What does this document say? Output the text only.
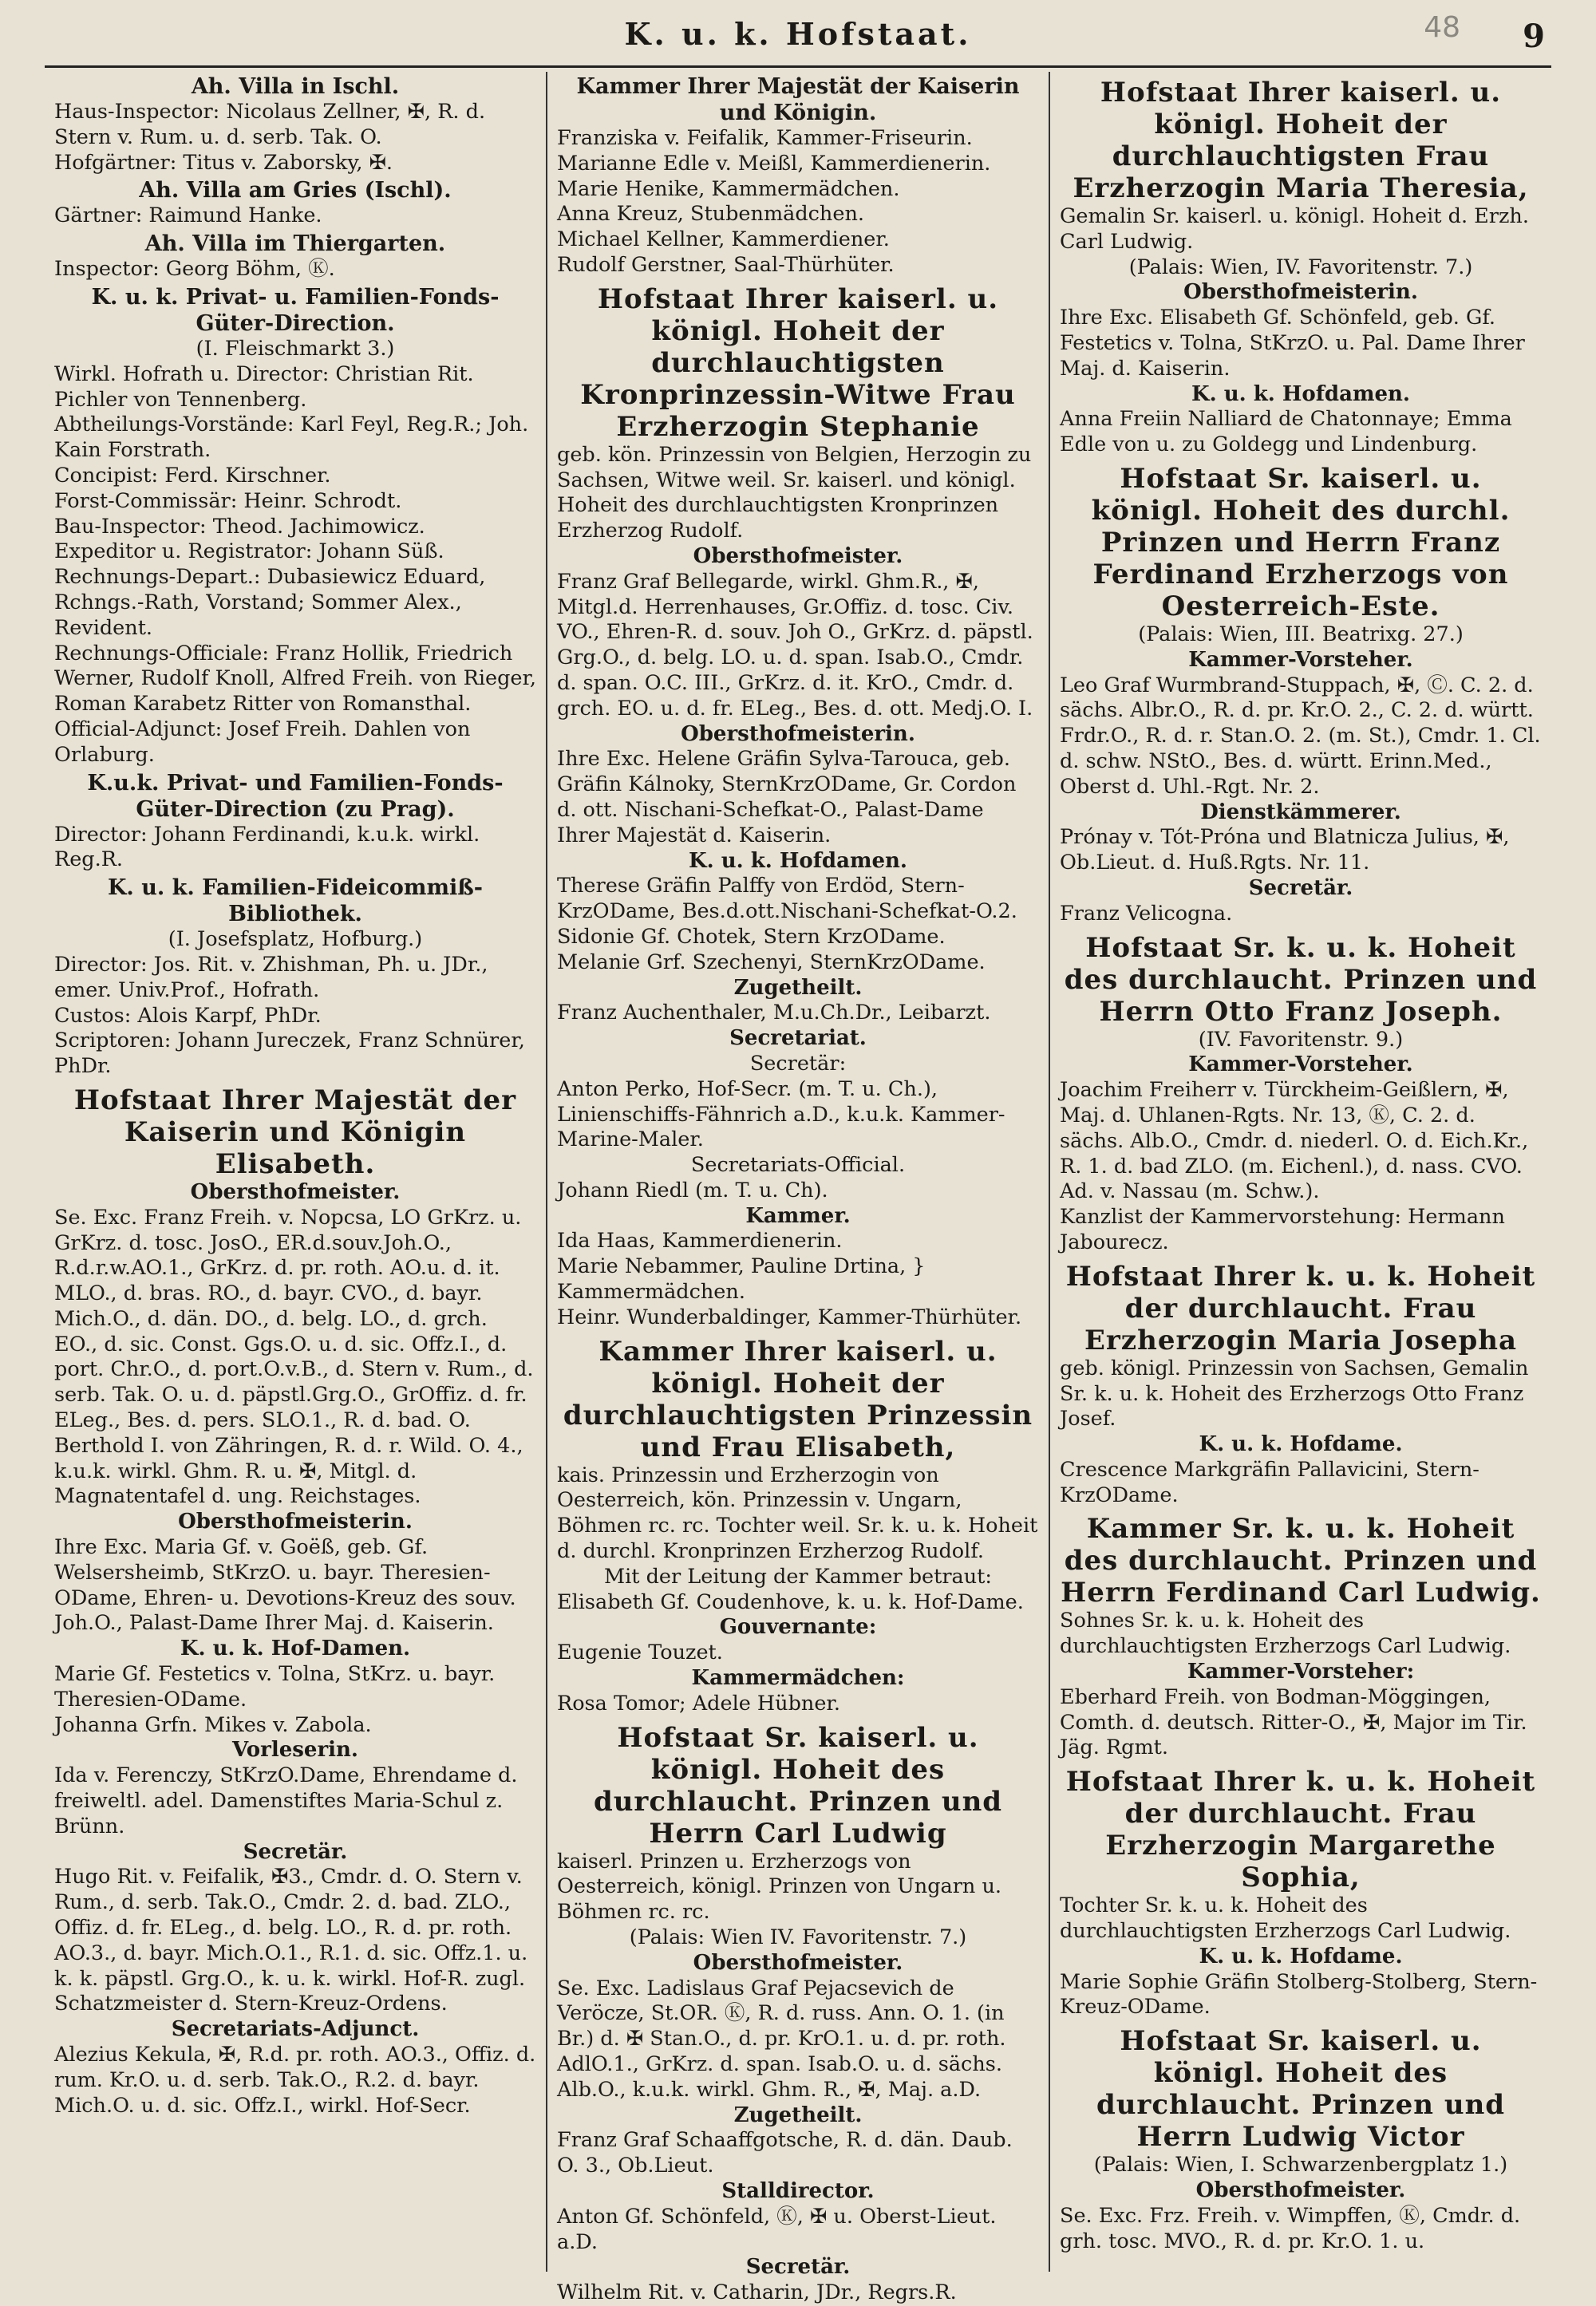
48
K. u. k. Hofstaat.	9
Ah. Villa in Ischl.
Haus-Inspector: Nicolaus Zellner, ✠, R. d. Stern v. Rum. u. d. serb. Tak. O.
Hofgärtner: Titus v. Zaborsky, ✠.
Ah. Villa am Gries (Ischl).
Gärtner: Raimund Hanke.
Ah. Villa im Thiergarten.
Inspector: Georg Böhm, Ⓚ.
K. u. k. Privat- u. Familien-Fonds-Güter-Direction.
(I. Fleischmarkt 3.)
Wirkl. Hofrath u. Director: Christian Rit. Pichler von Tennenberg.
Abtheilungs-Vorstände: Karl Feyl, Reg.R.; Joh. Kain Forstrath.
Concipist: Ferd. Kirschner.
Forst-Commissär: Heinr. Schrodt.
Bau-Inspector: Theod. Jachimowicz.
Expeditor u. Registrator: Johann Süß.
Rechnungs-Depart.: Dubasiewicz Eduard, Rchngs.-Rath, Vorstand; Sommer Alex., Revident.
Rechnungs-Officiale: Franz Hollik, Friedrich Werner, Rudolf Knoll, Alfred Freih. von Rieger, Roman Karabetz Ritter von Romansthal.
Official-Adjunct: Josef Freih. Dahlen von Orlaburg.
K.u.k. Privat- und Familien-Fonds-Güter-Direction (zu Prag).
Director: Johann Ferdinandi, k.u.k. wirkl. Reg.R.
K. u. k. Familien-Fideicommiß-Bibliothek.
(I. Josefsplatz, Hofburg.)
Director: Jos. Rit. v. Zhishman, Ph. u. JDr., emer. Univ.Prof., Hofrath.
Custos: Alois Karpf, PhDr.
Scriptoren: Johann Jureczek, Franz Schnürer, PhDr.
Hofstaat Ihrer Majestät der Kaiserin und Königin Elisabeth.
Obersthofmeister.
Se. Exc. Franz Freih. v. Nopcsa, LO GrKrz. u. GrKrz. d. tosc. JosO., ER.d.souv.Joh.O., R.d.r.w.AO.1., GrKrz. d. pr. roth. AO.u. d. it. MLO., d. bras. RO., d. bayr. CVO., d. bayr. Mich.O., d. dän. DO., d. belg. LO., d. grch. EO., d. sic. Const. Ggs.O. u. d. sic. Offz.I., d. port. Chr.O., d. port.O.v.B., d. Stern v. Rum., d. serb. Tak. O. u. d. päpstl.Grg.O., GrOffiz. d. fr. ELeg., Bes. d. pers. SLO.1., R. d. bad. O. Berthold I. von Zähringen, R. d. r. Wild. O. 4., k.u.k. wirkl. Ghm. R. u. ✠, Mitgl. d. Magnatentafel d. ung. Reichstages.
Obersthofmeisterin.
Ihre Exc. Maria Gf. v. Goëß, geb. Gf. Welsersheimb, StKrzO. u. bayr. Theresien-ODame, Ehren- u. Devotions-Kreuz des souv. Joh.O., Palast-Dame Ihrer Maj. d. Kaiserin.
K. u. k. Hof-Damen.
Marie Gf. Festetics v. Tolna, StKrz. u. bayr. Theresien-ODame.
Johanna Grfn. Mikes v. Zabola.
Vorleserin.
Ida v. Ferenczy, StKrzO.Dame, Ehrendame d. freiweltl. adel. Damenstiftes Maria-Schul z. Brünn.
Secretär.
Hugo Rit. v. Feifalik, ✠3., Cmdr. d. O. Stern v. Rum., d. serb. Tak.O., Cmdr. 2. d. bad. ZLO., Offiz. d. fr. ELeg., d. belg. LO., R. d. pr. roth. AO.3., d. bayr. Mich.O.1., R.1. d. sic. Offz.1. u. k. k. päpstl. Grg.O., k. u. k. wirkl. Hof-R. zugl. Schatzmeister d. Stern-Kreuz-Ordens.
Secretariats-Adjunct.
Alezius Kekula, ✠, R.d. pr. roth. AO.3., Offiz. d. rum. Kr.O. u. d. serb. Tak.O., R.2. d. bayr. Mich.O. u. d. sic. Offz.I., wirkl. Hof-Secr.
Kammer Ihrer Majestät der Kaiserin und Königin.
Franziska v. Feifalik, Kammer-Friseurin.
Marianne Edle v. Meißl, Kammerdienerin.
Marie Henike, Kammermädchen.
Anna Kreuz, Stubenmädchen.
Michael Kellner, Kammerdiener.
Rudolf Gerstner, Saal-Thürhüter.
Hofstaat Ihrer kaiserl. u. königl. Hoheit der durchlauchtigsten Kronprinzessin-Witwe Frau Erzherzogin Stephanie
geb. kön. Prinzessin von Belgien, Herzogin zu Sachsen, Witwe weil. Sr. kaiserl. und königl. Hoheit des durchlauchtigsten Kronprinzen Erzherzog Rudolf.
Obersthofmeister.
Franz Graf Bellegarde, wirkl. Ghm.R., ✠, Mitgl.d. Herrenhauses, Gr.Offiz. d. tosc. Civ. VO., Ehren-R. d. souv. Joh O., GrKrz. d. päpstl. Grg.O., d. belg. LO. u. d. span. Isab.O., Cmdr. d. span. O.C. III., GrKrz. d. it. KrO., Cmdr. d. grch. EO. u. d. fr. ELeg., Bes. d. ott. Medj.O. I.
Obersthofmeisterin.
Ihre Exc. Helene Gräfin Sylva-Tarouca, geb. Gräfin Kálnoky, SternKrzODame, Gr. Cordon d. ott. Nischani-Schefkat-O., Palast-Dame Ihrer Majestät d. Kaiserin.
K. u. k. Hofdamen.
Therese Gräfin Palffy von Erdöd, Stern-KrzODame, Bes.d.ott.Nischani-Schefkat-O.2.
Sidonie Gf. Chotek, Stern KrzODame.
Melanie Grf. Szechenyi, SternKrzODame.
Zugetheilt.
Franz Auchenthaler, M.u.Ch.Dr., Leibarzt.
Secretariat.
Secretär:
Anton Perko, Hof-Secr. (m. T. u. Ch.), Linienschiffs-Fähnrich a.D., k.u.k. Kammer-Marine-Maler.
Secretariats-Official.
Johann Riedl (m. T. u. Ch).
Kammer.
Ida Haas, Kammerdienerin.
Marie Nebammer, Pauline Drtina, } Kammermädchen.
Heinr. Wunderbaldinger, Kammer-Thürhüter.
Kammer Ihrer kaiserl. u. königl. Hoheit der durchlauchtigsten Prinzessin und Frau Elisabeth,
kais. Prinzessin und Erzherzogin von Oesterreich, kön. Prinzessin v. Ungarn, Böhmen rc. rc. Tochter weil. Sr. k. u. k. Hoheit d. durchl. Kronprinzen Erzherzog Rudolf.
Mit der Leitung der Kammer betraut:
Elisabeth Gf. Coudenhove, k. u. k. Hof-Dame.
Gouvernante:
Eugenie Touzet.
Kammermädchen:
Rosa Tomor; Adele Hübner.
Hofstaat Sr. kaiserl. u. königl. Hoheit des durchlaucht. Prinzen und Herrn Carl Ludwig
kaiserl. Prinzen u. Erzherzogs von Oesterreich, königl. Prinzen von Ungarn u. Böhmen rc. rc.
(Palais: Wien IV. Favoritenstr. 7.)
Obersthofmeister.
Se. Exc. Ladislaus Graf Pejacsevich de Veröcze, St.OR. Ⓚ, R. d. russ. Ann. O. 1. (in Br.) d. ✠ Stan.O., d. pr. KrO.1. u. d. pr. roth. AdlO.1., GrKrz. d. span. Isab.O. u. d. sächs. Alb.O., k.u.k. wirkl. Ghm. R., ✠, Maj. a.D.
Zugetheilt.
Franz Graf Schaaffgotsche, R. d. dän. Daub. O. 3., Ob.Lieut.
Stalldirector.
Anton Gf. Schönfeld, Ⓚ, ✠ u. Oberst-Lieut. a.D.
Secretär.
Wilhelm Rit. v. Catharin, JDr., Regrs.R.
Hofstaat Ihrer kaiserl. u. königl. Hoheit der durchlauchtigsten Frau Erzherzogin Maria Theresia,
Gemalin Sr. kaiserl. u. königl. Hoheit d. Erzh. Carl Ludwig.
(Palais: Wien, IV. Favoritenstr. 7.)
Obersthofmeisterin.
Ihre Exc. Elisabeth Gf. Schönfeld, geb. Gf. Festetics v. Tolna, StKrzO. u. Pal. Dame Ihrer Maj. d. Kaiserin.
K. u. k. Hofdamen.
Anna Freiin Nalliard de Chatonnaye; Emma Edle von u. zu Goldegg und Lindenburg.
Hofstaat Sr. kaiserl. u. königl. Hoheit des durchl. Prinzen und Herrn Franz Ferdinand Erzherzogs von Oesterreich-Este.
(Palais: Wien, III. Beatrixg. 27.)
Kammer-Vorsteher.
Leo Graf Wurmbrand-Stuppach, ✠, Ⓒ. C. 2. d. sächs. Albr.O., R. d. pr. Kr.O. 2., C. 2. d. württ. Frdr.O., R. d. r. Stan.O. 2. (m. St.), Cmdr. 1. Cl. d. schw. NStO., Bes. d. württ. Erinn.Med., Oberst d. Uhl.-Rgt. Nr. 2.
Dienstkämmerer.
Prónay v. Tót-Próna und Blatnicza Julius, ✠, Ob.Lieut. d. Huß.Rgts. Nr. 11.
Secretär.
Franz Velicogna.
Hofstaat Sr. k. u. k. Hoheit des durchlaucht. Prinzen und Herrn Otto Franz Joseph.
(IV. Favoritenstr. 9.)
Kammer-Vorsteher.
Joachim Freiherr v. Türckheim-Geißlern, ✠, Maj. d. Uhlanen-Rgts. Nr. 13, Ⓚ, C. 2. d. sächs. Alb.O., Cmdr. d. niederl. O. d. Eich.Kr., R. 1. d. bad ZLO. (m. Eichenl.), d. nass. CVO. Ad. v. Nassau (m. Schw.).
Kanzlist der Kammervorstehung: Hermann Jabourecz.
Hofstaat Ihrer k. u. k. Hoheit der durchlaucht. Frau Erzherzogin Maria Josepha
geb. königl. Prinzessin von Sachsen, Gemalin Sr. k. u. k. Hoheit des Erzherzogs Otto Franz Josef.
K. u. k. Hofdame.
Crescence Markgräfin Pallavicini, Stern-KrzODame.
Kammer Sr. k. u. k. Hoheit des durchlaucht. Prinzen und Herrn Ferdinand Carl Ludwig.
Sohnes Sr. k. u. k. Hoheit des durchlauchtigsten Erzherzogs Carl Ludwig.
Kammer-Vorsteher:
Eberhard Freih. von Bodman-Möggingen, Comth. d. deutsch. Ritter-O., ✠, Major im Tir. Jäg. Rgmt.
Hofstaat Ihrer k. u. k. Hoheit der durchlaucht. Frau Erzherzogin Margarethe Sophia,
Tochter Sr. k. u. k. Hoheit des durchlauchtigsten Erzherzogs Carl Ludwig.
K. u. k. Hofdame.
Marie Sophie Gräfin Stolberg-Stolberg, Stern-Kreuz-ODame.
Hofstaat Sr. kaiserl. u. königl. Hoheit des durchlaucht. Prinzen und Herrn Ludwig Victor
(Palais: Wien, I. Schwarzenbergplatz 1.)
Obersthofmeister.
Se. Exc. Frz. Freih. v. Wimpffen, Ⓚ, Cmdr. d. grh. tosc. MVO., R. d. pr. Kr.O. 1. u.
